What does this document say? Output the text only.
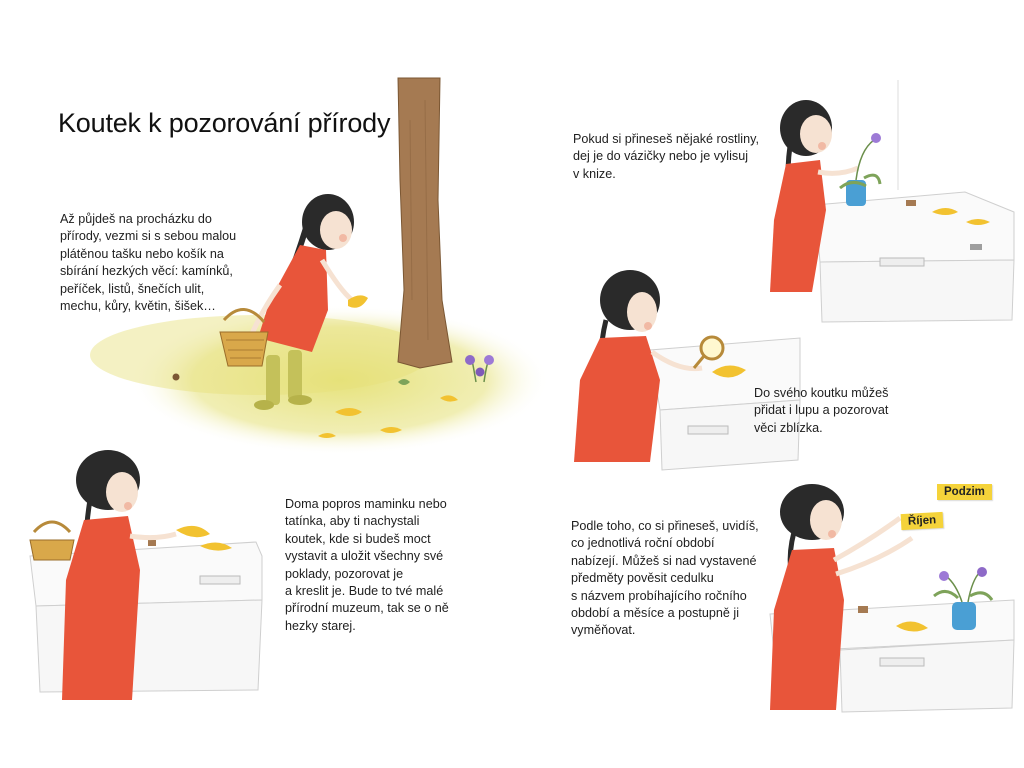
Koutek k pozorování přírody

Až půjdeš na procházku do
přírody, vezmi si s sebou malou
plátěnou tašku nebo košík na
sbírání hezkých věcí: kamínků,
peříček, listů, šnečích ulit,
mechu, kůry, květin, šišek…

Pokud si přineseš nějaké rostliny,
dej je do vázičky nebo je vylisuj
v knize.

Do svého koutku můžeš
přidat i lupu a pozorovat
věci zblízka.

Doma popros maminku nebo
tatínka, aby ti nachystali
koutek, kde si budeš moct
vystavit a uložit všechny své
poklady, pozorovat je
a kreslit je. Bude to tvé malé
přírodní muzeum, tak se o ně
hezky starej.

Podle toho, co si přineseš, uvidíš,
co jednotlivá roční období
nabízejí. Můžeš si nad vystavené
předměty pověsit cedulku
s názvem probíhajícího ročního
období a měsíce a postupně ji
vyměňovat.

Podzim
Říjen
